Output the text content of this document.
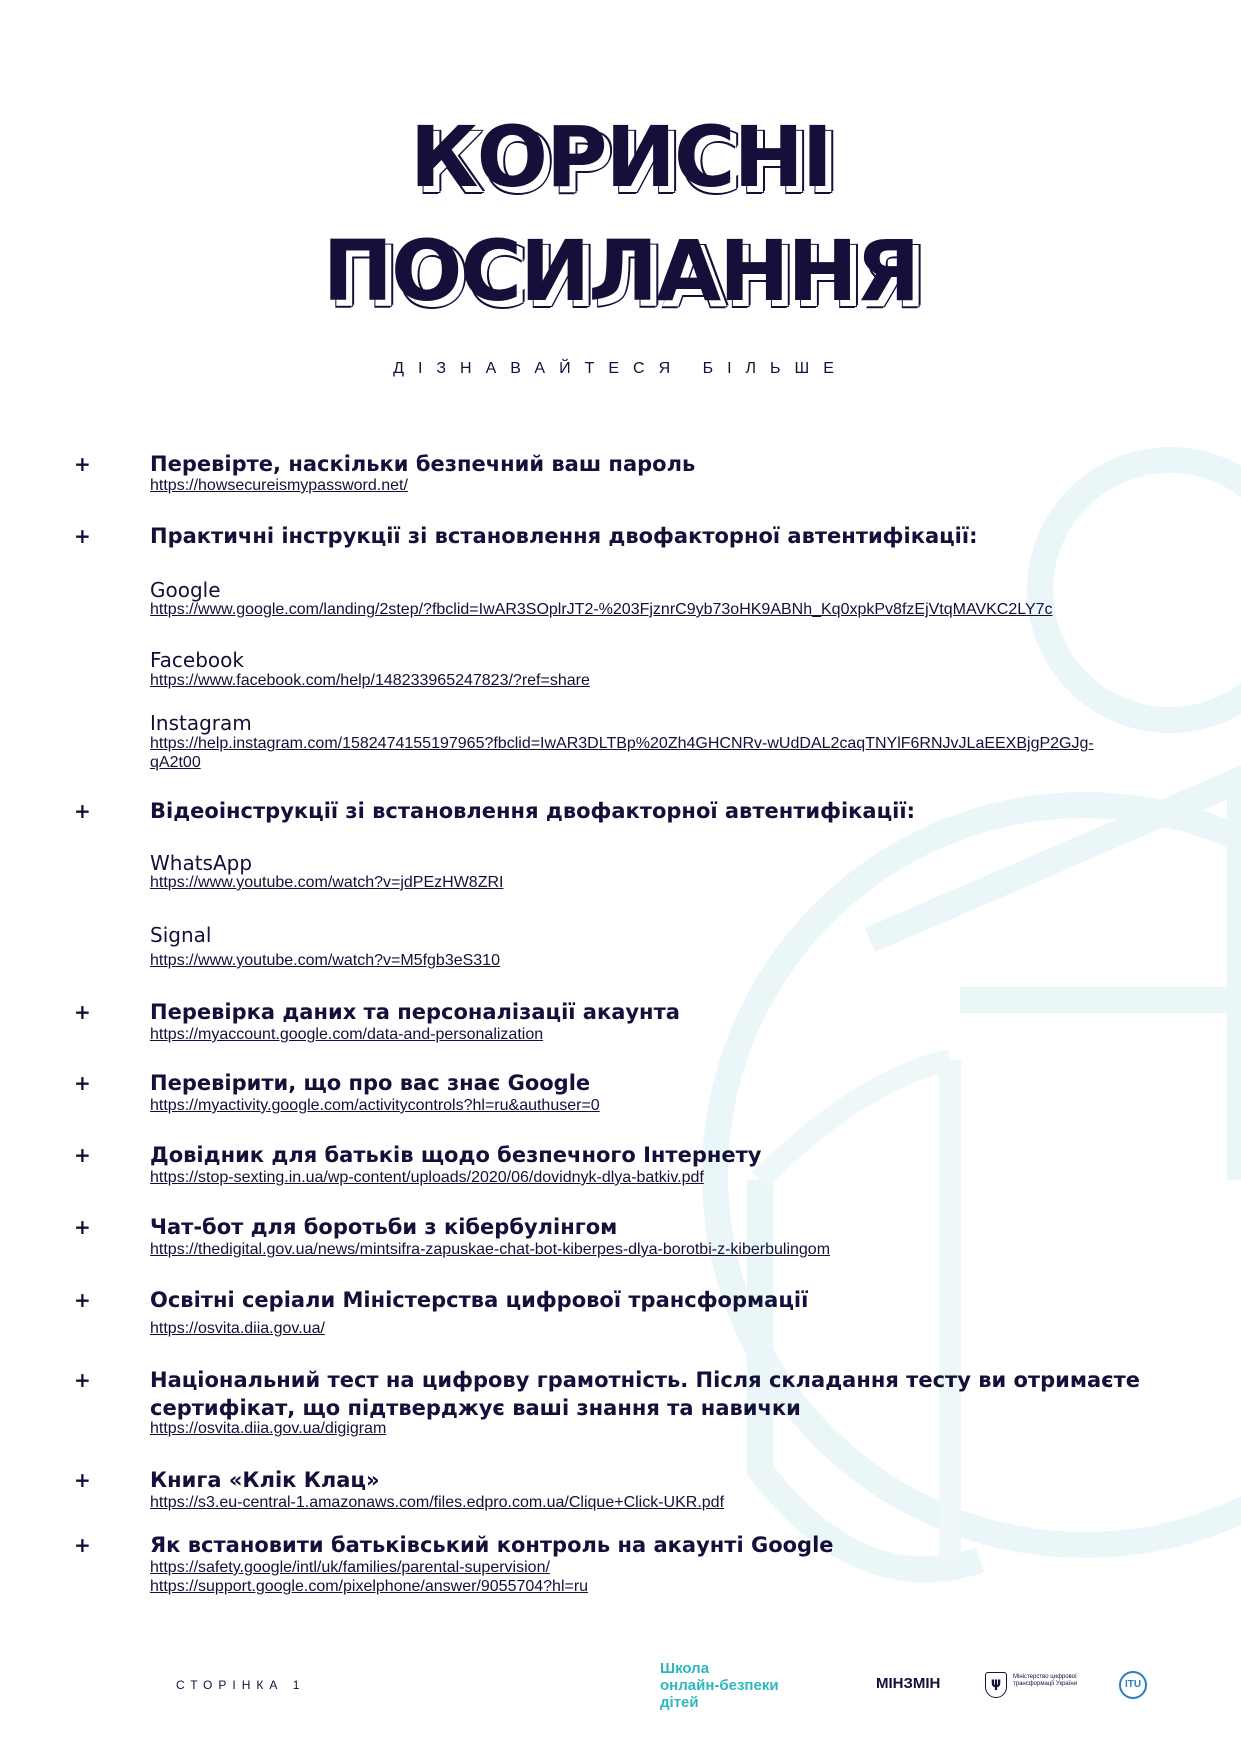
КОРИСНІ
ПОСИЛАННЯ
ДІЗНАВАЙТЕСЯ БІЛЬШЕ
+	Перевірте, наскільки безпечний ваш пароль
https://howsecureismypassword.net/
+	Практичні інструкції зі встановлення двофакторної автентифікації:
Google
https://www.google.com/landing/2step/?fbclid=IwAR3SOplrJT2-%203FjznrC9yb73oHK9ABNh_Kq0xpkPv8fzEjVtqMAVKC2LY7c
Facebook
https://www.facebook.com/help/148233965247823/?ref=share
Instagram
https://help.instagram.com/1582474155197965?fbclid=IwAR3DLTBp%20Zh4GHCNRv-wUdDAL2caqTNYlF6RNJvJLaEEXBjgP2GJg-
qA2t00
+	Відеоінструкції зі встановлення двофакторної автентифікації:
WhatsApp
https://www.youtube.com/watch?v=jdPEzHW8ZRI
Signal
https://www.youtube.com/watch?v=M5fgb3eS310
+	Перевірка даних та персоналізації акаунта
https://myaccount.google.com/data-and-personalization
+	Перевірити, що про вас знає Google
https://myactivity.google.com/activitycontrols?hl=ru&authuser=0
+	Довідник для батьків щодо безпечного Інтернету
https://stop-sexting.in.ua/wp-content/uploads/2020/06/dovidnyk-dlya-batkiv.pdf
+	Чат-бот для боротьби з кібербулінгом
https://thedigital.gov.ua/news/mintsifra-zapuskae-chat-bot-kiberpes-dlya-borotbi-z-kiberbulingom
+	Освітні серіали Міністерства цифрової трансформації
https://osvita.diia.gov.ua/
+	Національний тест на цифрову грамотність. Після складання тесту ви отримаєте сертифікат, що підтверджує ваші знання та навички
https://osvita.diia.gov.ua/digigram
+	Книга «Клік Клац»
https://s3.eu-central-1.amazonaws.com/files.edpro.com.ua/Clique+Click-UKR.pdf
+	Як встановити батьківський контроль на акаунті Google
https://safety.google/intl/uk/families/parental-supervision/
https://support.google.com/pixelphone/answer/9055704?hl=ru
СТОРІНКА 1
Школа
онлайн-безпеки
дітей
МІНЗМІН	ψ	Міністерство цифрової трансформації України	ITU
